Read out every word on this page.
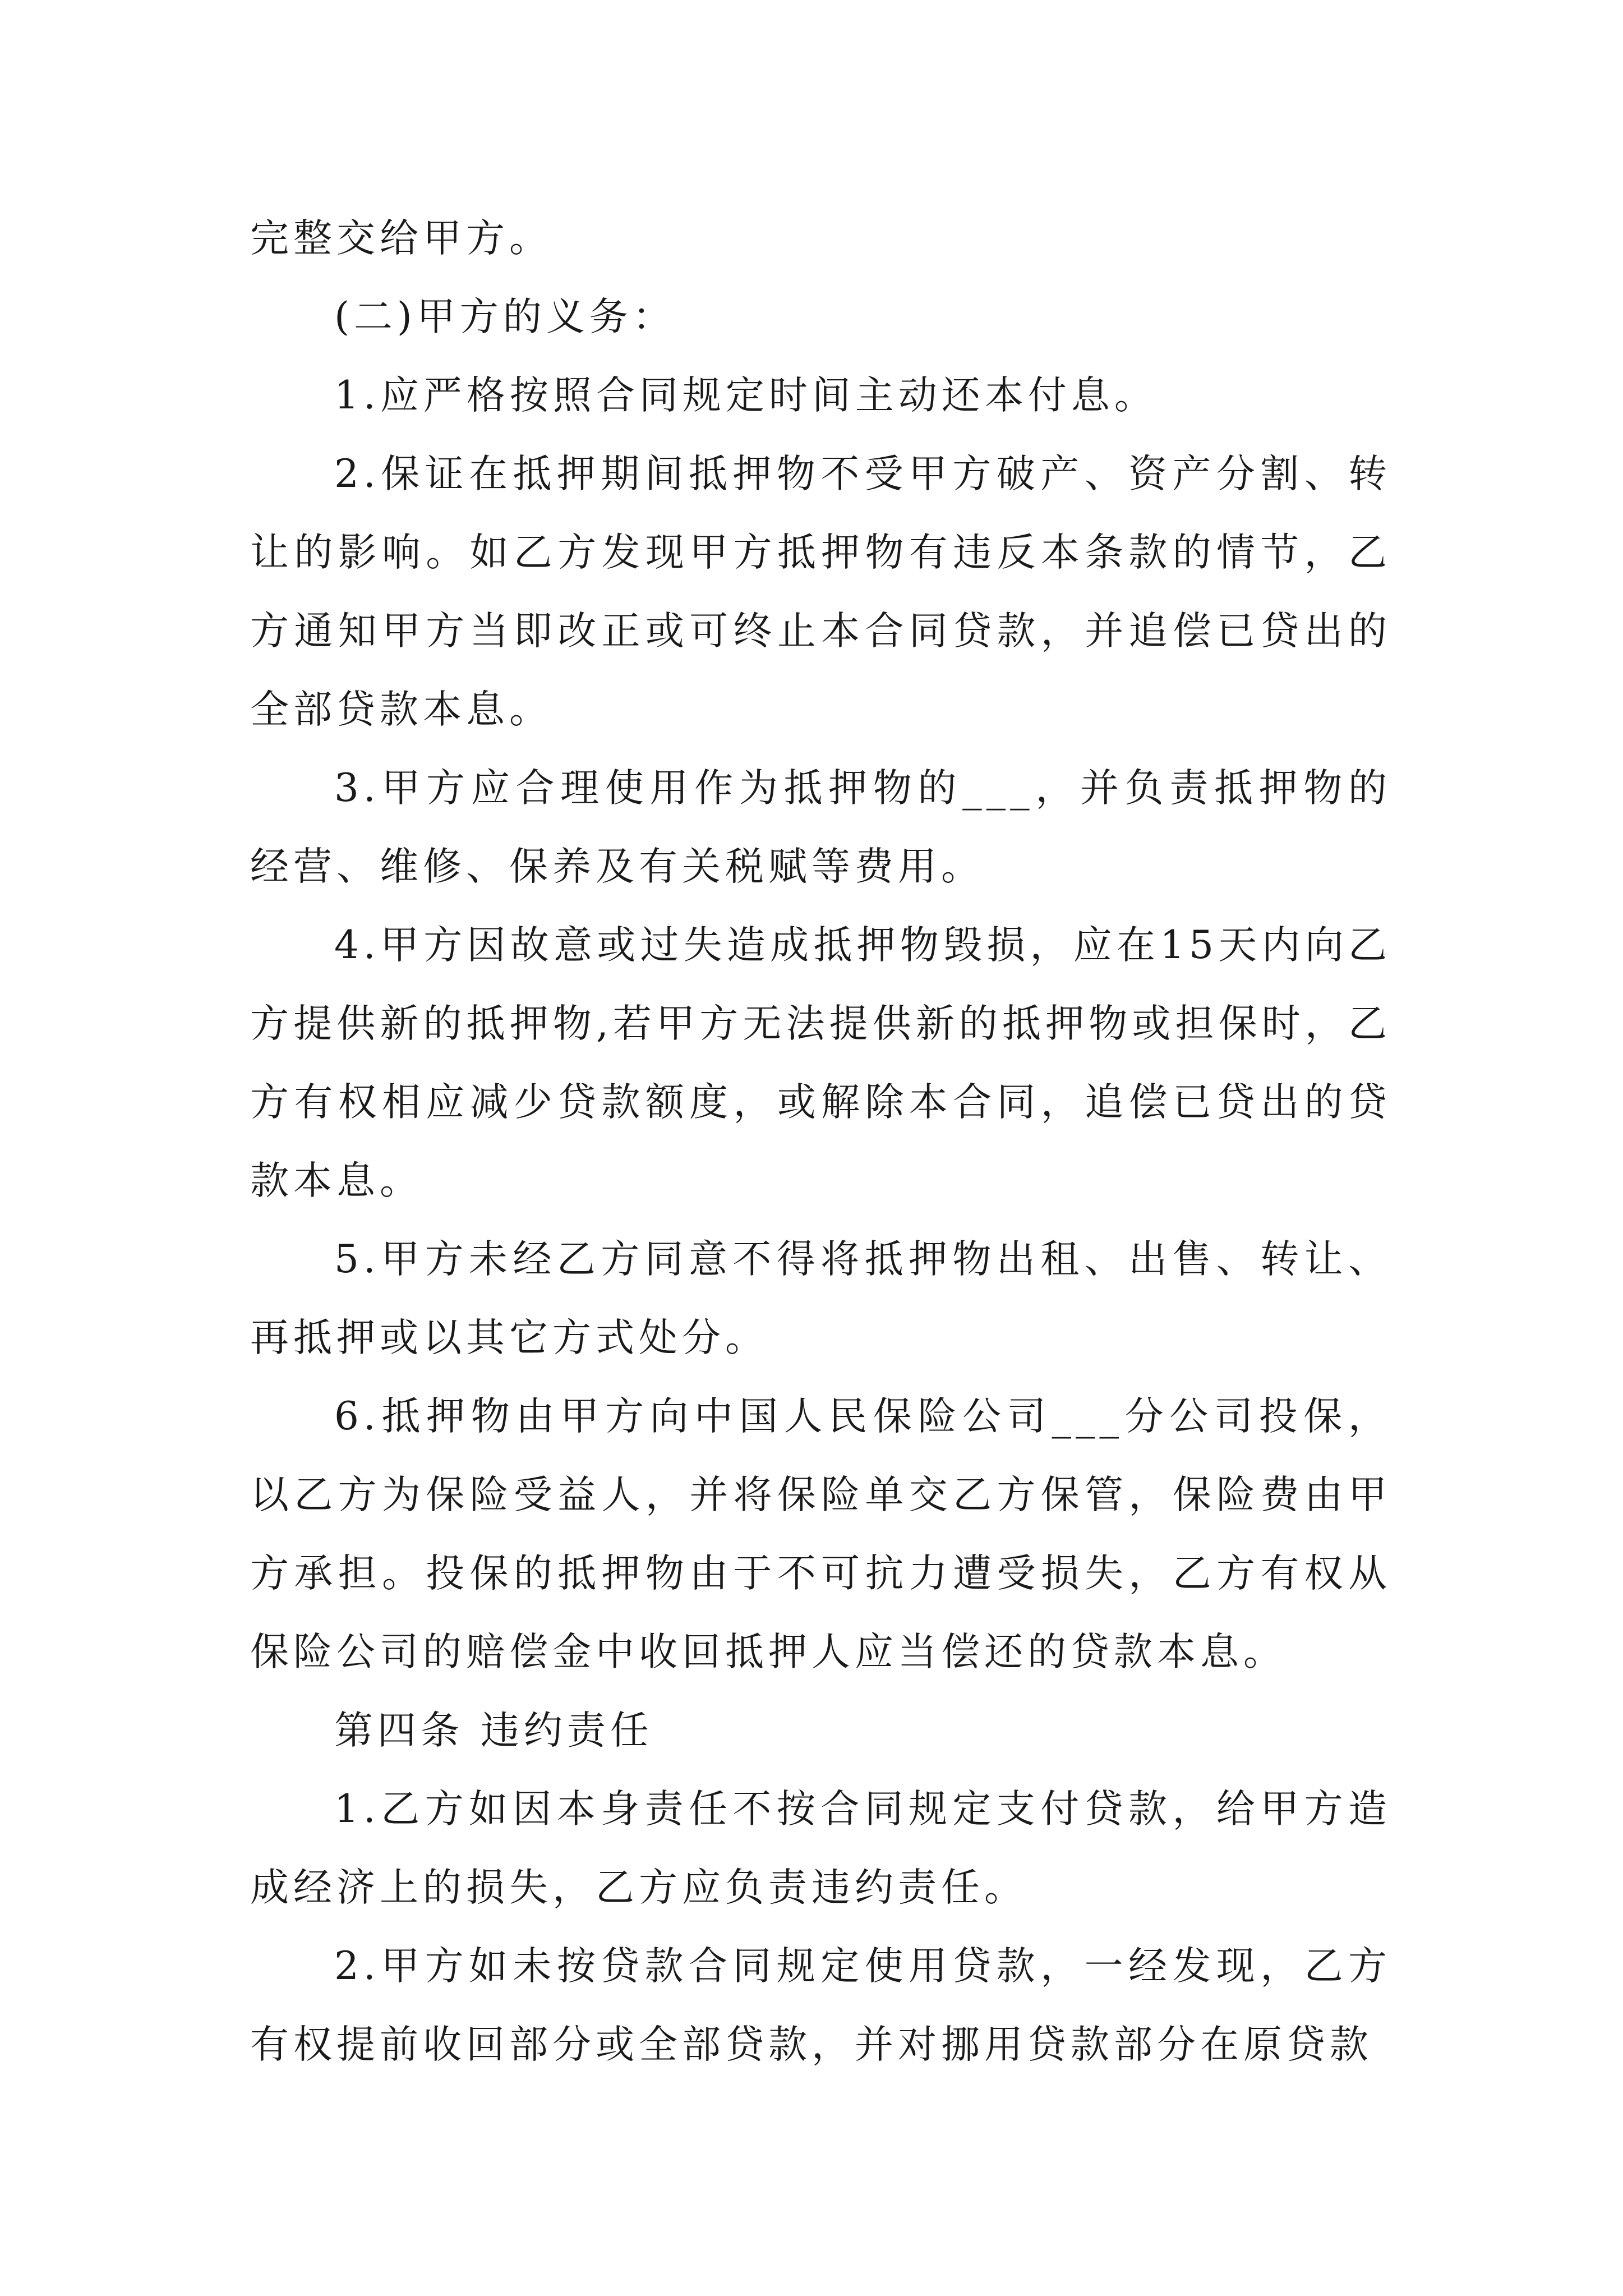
完整交给甲方。

(二)甲方的义务：

1.应严格按照合同规定时间主动还本付息。

2.保证在抵押期间抵押物不受甲方破产、资产分割、转让的影响。如乙方发现甲方抵押物有违反本条款的情节，乙方通知甲方当即改正或可终止本合同贷款，并追偿已贷出的全部贷款本息。

3.甲方应合理使用作为抵押物的___，并负责抵押物的经营、维修、保养及有关税赋等费用。

4.甲方因故意或过失造成抵押物毁损，应在15天内向乙方提供新的抵押物,若甲方无法提供新的抵押物或担保时，乙方有权相应减少贷款额度，或解除本合同，追偿已贷出的贷款本息。

5.甲方未经乙方同意不得将抵押物出租、出售、转让、再抵押或以其它方式处分。

6.抵押物由甲方向中国人民保险公司___分公司投保，以乙方为保险受益人，并将保险单交乙方保管，保险费由甲方承担。投保的抵押物由于不可抗力遭受损失，乙方有权从保险公司的赔偿金中收回抵押人应当偿还的贷款本息。

第四条 违约责任

1.乙方如因本身责任不按合同规定支付贷款，给甲方造成经济上的损失，乙方应负责违约责任。

2.甲方如未按贷款合同规定使用贷款，一经发现，乙方有权提前收回部分或全部贷款，并对挪用贷款部分在原贷款
